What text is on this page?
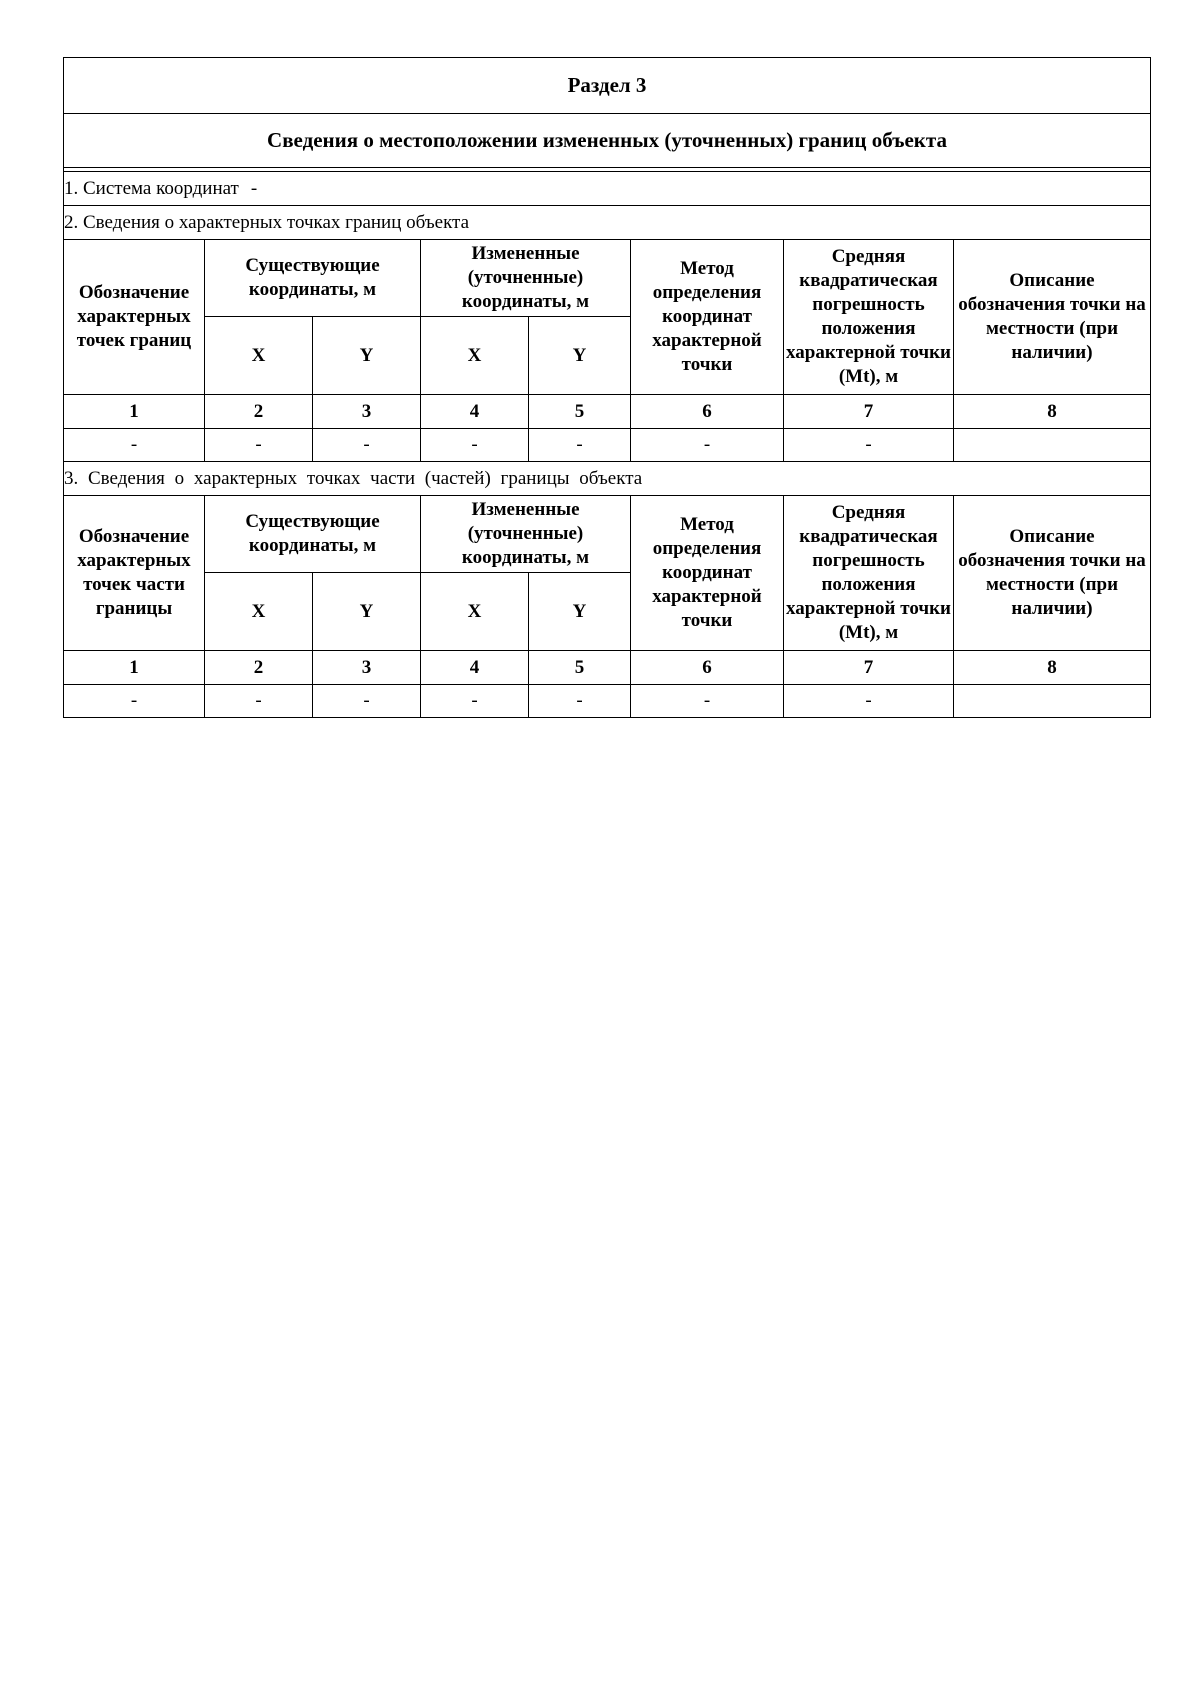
Раздел 3							
Сведения о местоположении измененных (уточненных) границ объекта							

1. Система координат -							
2. Сведения о характерных точках границ объекта							
Обозначение характерных точек границ	Существующие координаты, м		Измененные (уточненные) координаты, м		Метод определения координат характерной точки	Средняя квадратическая погрешность положения характерной точки (Mt), м	Описание обозначения точки на местности (при наличии)
	X	Y	X	Y			
1	2	3	4	5	6	7	8
-	-	-	-	-	-	-	
3. Сведения о характерных точках части (частей) границы объекта							
Обозначение характерных точек части границы	Существующие координаты, м		Измененные (уточненные) координаты, м		Метод определения координат характерной точки	Средняя квадратическая погрешность положения характерной точки (Mt), м	Описание обозначения точки на местности (при наличии)
	X	Y	X	Y			
1	2	3	4	5	6	7	8
-	-	-	-	-	-	-	
